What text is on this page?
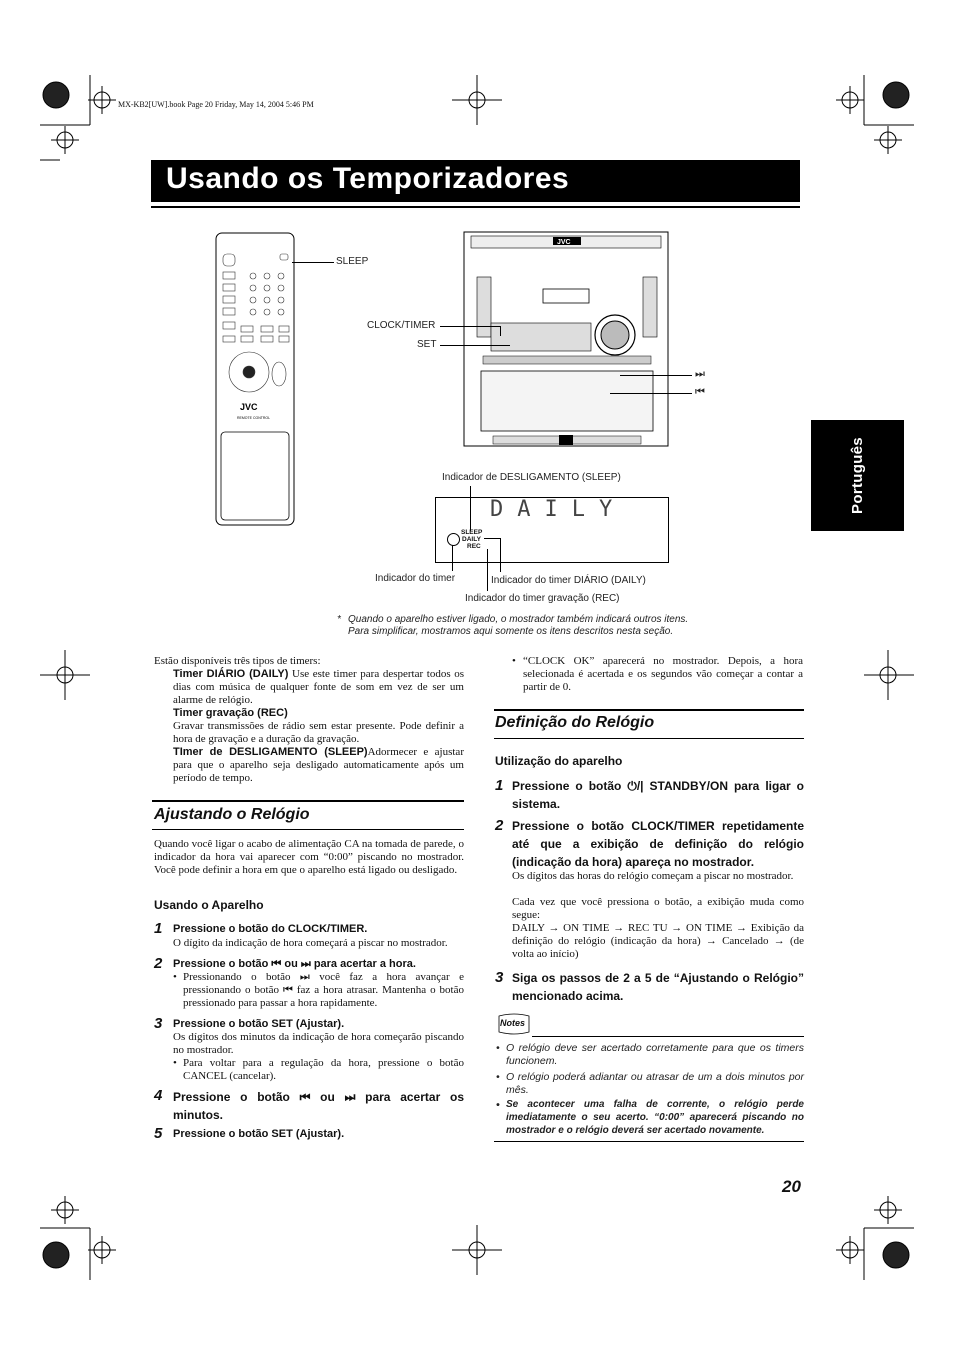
MX-KB2[UW].book Page 20 Friday, May 14, 2004 5:46 PM
Usando os Temporizadores
Português
JVC
REMOTE CONTROL
SLEEP
JVC
CLOCK/TIMER
SET
⏭
⏮
Indicador de DESLIGAMENTO (SLEEP)
DAILY
SLEEP
DAILY
REC
Indicador do timer	Indicador do timer DIÁRIO (DAILY)
Indicador do timer gravação (REC)
* Quando o aparelho estiver ligado, o mostrador também indicará outros itens.
Para simplificar, mostramos aqui somente os itens descritos nesta seção.
Estão disponíveis três tipos de timers:
Timer DIÁRIO (DAILY) Use este timer para despertar todos os dias com música de qualquer fonte de som em vez de ser um alarme de relógio.
Timer gravação (REC)
Gravar transmissões de rádio sem estar presente. Pode definir a hora de gravação e a duração da gravação.
TImer de DESLIGAMENTO (SLEEP)Adormecer e ajustar para que o aparelho seja desligado automaticamente após um período de tempo.
Ajustando o Relógio
Quando você ligar o acabo de alimentação CA na tomada de parede, o indicador da hora vai aparecer com “0:00” piscando no mostrador. Você pode definir a hora em que o aparelho está ligado ou desligado.
Usando o Aparelho
1 Pressione o botão do CLOCK/TIMER.
O dígito da indicação de hora começará a piscar no mostrador.
2 Pressione o botão ⏮ ou ⏭ para acertar a hora.
• Pressionando o botão ⏭ você faz a hora avançar e pressionando o botão ⏮ faz a hora atrasar. Mantenha o botão pressionado para passar a hora rapidamente.
3 Pressione o botão SET (Ajustar).
Os dígitos dos minutos da indicação de hora começarão piscando no mostrador.
• Para voltar para a regulação da hora, pressione o botão CANCEL (cancelar).
4 Pressione o botão ⏮ ou ⏭ para acertar os minutos.
5 Pressione o botão SET (Ajustar).
• “CLOCK OK” aparecerá no mostrador. Depois, a hora selecionada é acertada e os segundos vão começar a contar a partir de 0.
Definição do Relógio
Utilização do aparelho
1 Pressione o botão ⏻/| STANDBY/ON para ligar o sistema.
2 Pressione o botão CLOCK/TIMER repetidamente até que a exibição de definição do relógio (indicação da hora) apareça no mostrador.
Os dígitos das horas do relógio começam a piscar no mostrador.
Cada vez que você pressiona o botão, a exibição muda como segue:
DAILY → ON TIME → REC TU → ON TIME → Exibição da definição do relógio (indicação da hora) → Cancelado → (de volta ao início)
3 Siga os passos de 2 a 5 de “Ajustando o Relógio” mencionado acima.
Notes
• O relógio deve ser acertado corretamente para que os timers funcionem.
• O relógio poderá adiantar ou atrasar de um a dois minutos por mês.
• Se acontecer uma falha de corrente, o relógio perde imediatamente o seu acerto. “0:00” aparecerá piscando no mostrador e o relógio deverá ser acertado novamente.
20
